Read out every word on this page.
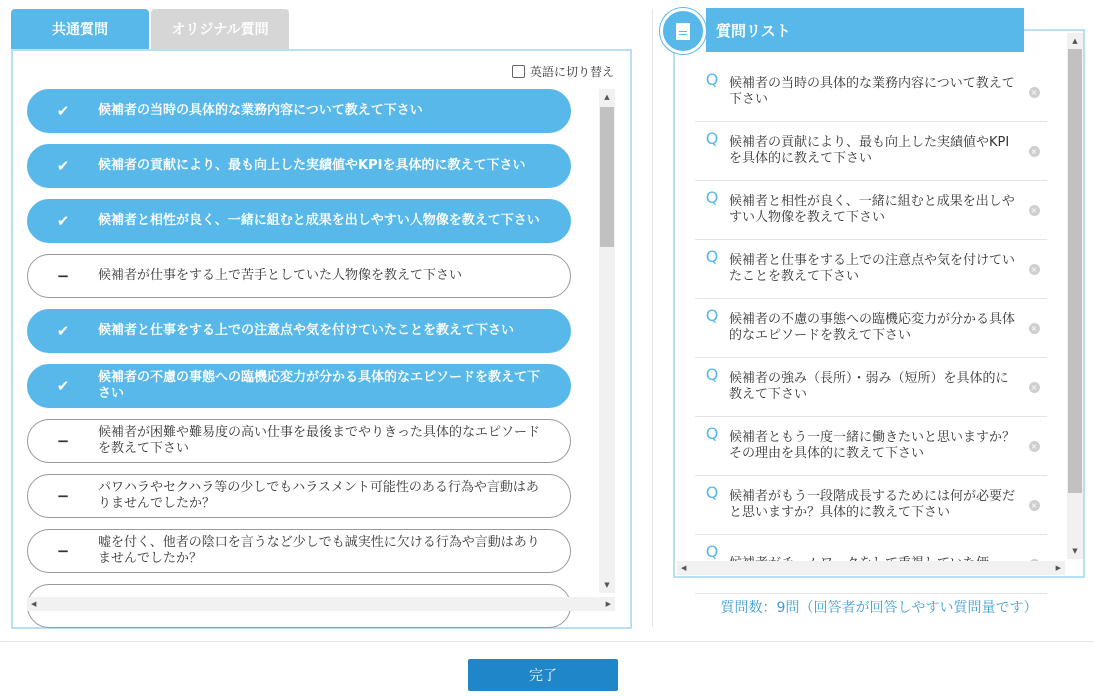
共通質問	オリジナル質問
英語に切り替え
✔	候補者の当時の具体的な業務内容について教えて下さい
✔	候補者の貢献により、最も向上した実績値やKPIを具体的に教えて下さい
✔	候補者と相性が良く、一緒に組むと成果を出しやすい人物像を教えて下さい
−	候補者が仕事をする上で苦手としていた人物像を教えて下さい
✔	候補者と仕事をする上での注意点や気を付けていたことを教えて下さい
✔	候補者の不慮の事態への臨機応変力が分かる具体的なエピソードを教えて下さい
−	候補者が困難や難易度の高い仕事を最後までやりきった具体的なエピソードを教えて下さい
−	パワハラやセクハラ等の少しでもハラスメント可能性のある行為や言動はありませんでしたか？
−	嘘を付く、他者の陰口を言うなど少しでも誠実性に欠ける行為や言動はありませんでしたか？
▲
▼
◀	▶
Q 候補者の当時の具体的な業務内容について教えて下さい	×
Q 候補者の貢献により、最も向上した実績値やKPIを具体的に教えて下さい	×
Q 候補者と相性が良く、一緒に組むと成果を出しやすい人物像を教えて下さい	×
Q 候補者と仕事をする上での注意点や気を付けていたことを教えて下さい	×
Q 候補者の不慮の事態への臨機応変力が分かる具体的なエピソードを教えて下さい	×
Q 候補者の強み（長所）・弱み（短所）を具体的に教えて下さい	×
Q 候補者ともう一度一緒に働きたいと思いますか？その理由を具体的に教えて下さい	×
Q 候補者がもう一段階成長するためには何が必要だと思いますか？具体的に教えて下さい	×
Q
▲
▼
◀	▶
質問リスト
質問数：9問（回答者が回答しやすい質問量です）
完了
